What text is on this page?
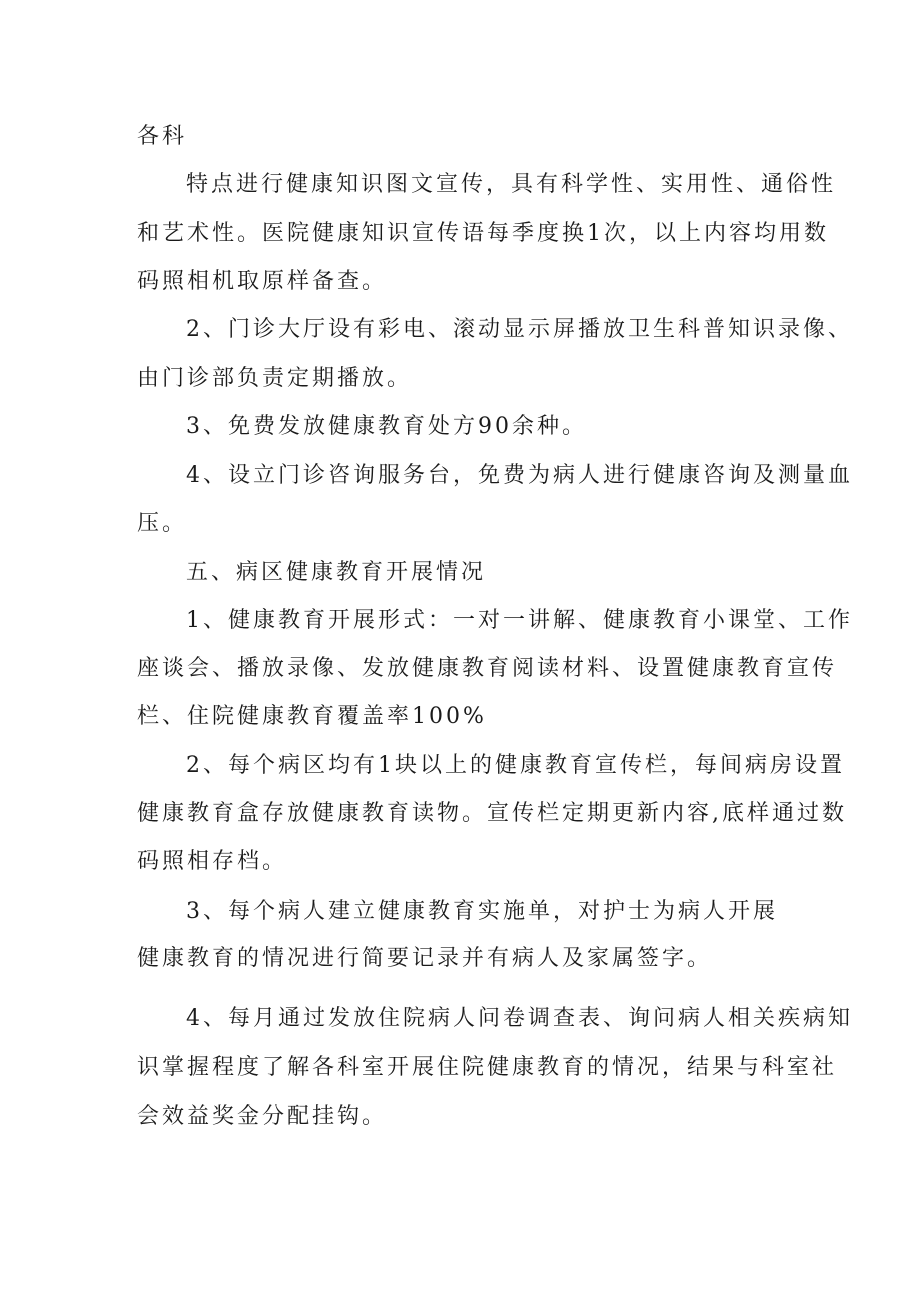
各科
特点进行健康知识图文宣传，具有科学性、实用性、通俗性
和艺术性。医院健康知识宣传语每季度换1次，以上内容均用数
码照相机取原样备查。
2、门诊大厅设有彩电、滚动显示屏播放卫生科普知识录像、
由门诊部负责定期播放。
3、免费发放健康教育处方90余种。
4、设立门诊咨询服务台，免费为病人进行健康咨询及测量血
压。
五、病区健康教育开展情况
1、健康教育开展形式：一对一讲解、健康教育小课堂、工作
座谈会、播放录像、发放健康教育阅读材料、设置健康教育宣传
栏、住院健康教育覆盖率100%
2、每个病区均有1块以上的健康教育宣传栏，每间病房设置
健康教育盒存放健康教育读物。宣传栏定期更新内容,底样通过数
码照相存档。
3、每个病人建立健康教育实施单，对护士为病人开展
健康教育的情况进行简要记录并有病人及家属签字。
4、每月通过发放住院病人问卷调查表、询问病人相关疾病知
识掌握程度了解各科室开展住院健康教育的情况，结果与科室社
会效益奖金分配挂钩。
